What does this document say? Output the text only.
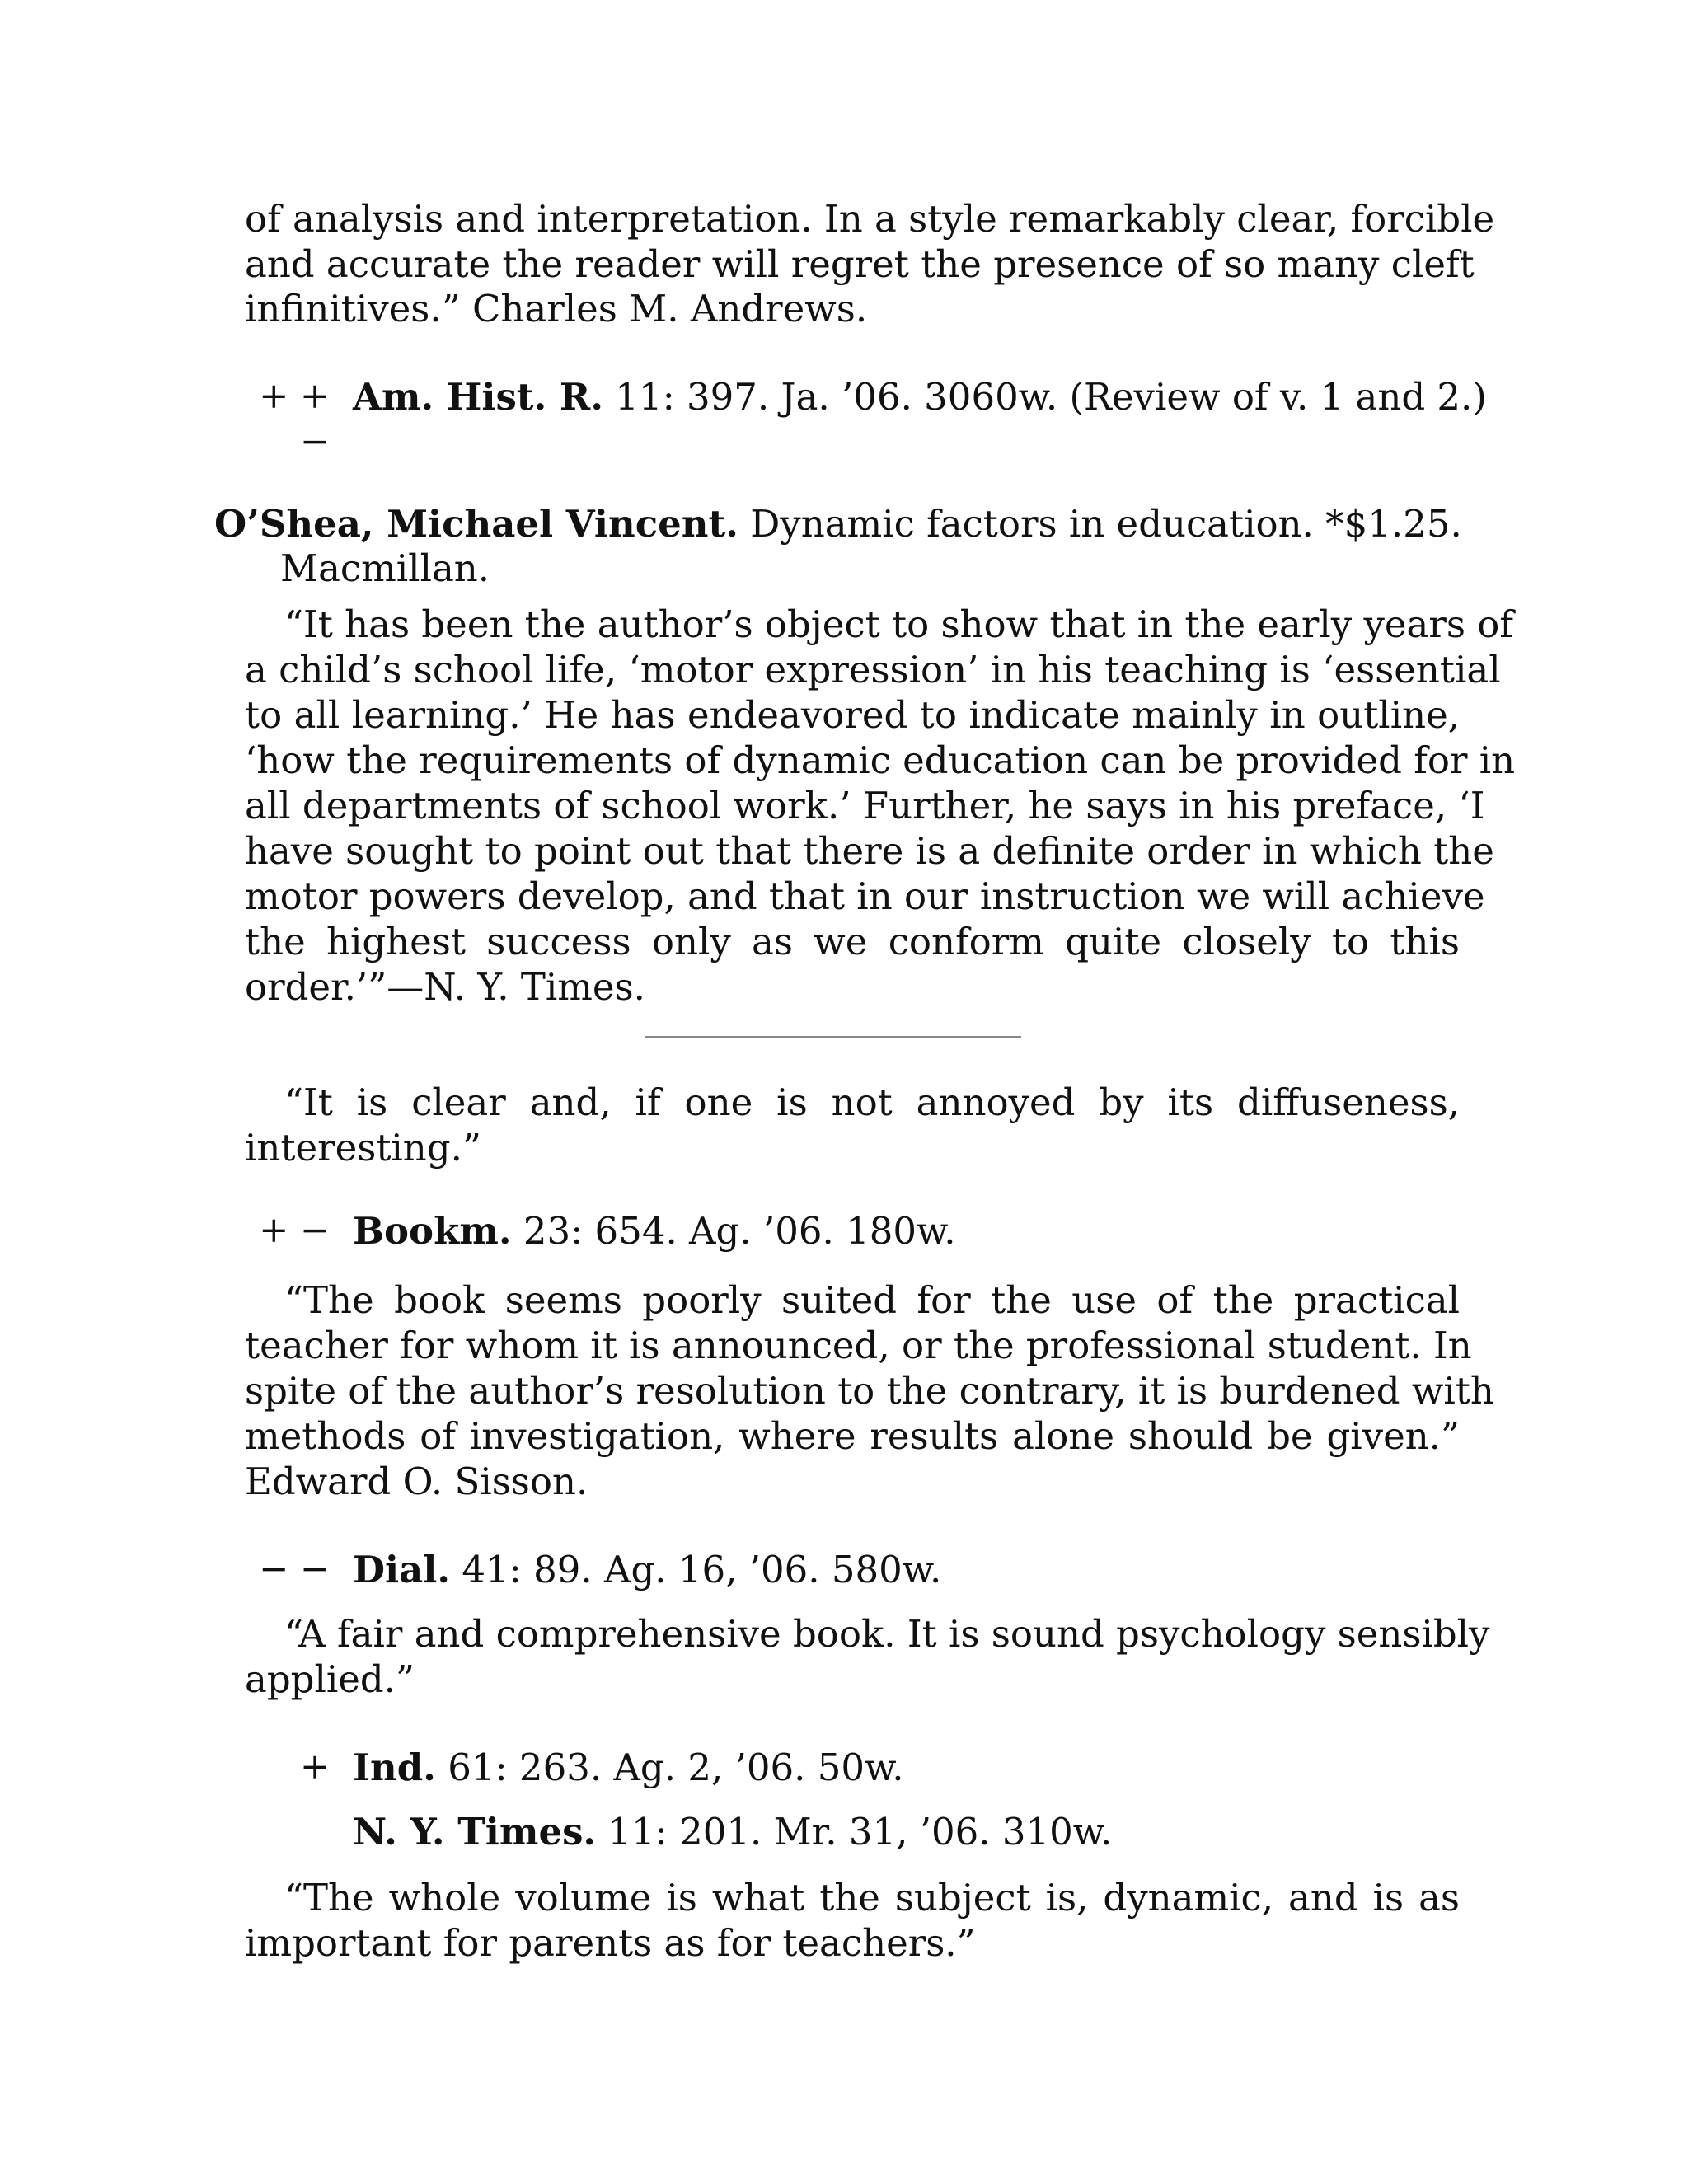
of analysis and interpretation. In a style remarkably clear, forcible
and accurate the reader will regret the presence of so many cleft
infinitives.” Charles M. Andrews.
+ + −
Am. Hist. R. 11: 397. Ja. ’06. 3060w. (Review of v. 1 and 2.)
O’Shea, Michael Vincent. Dynamic factors in education. *$1.25.
Macmillan.
“It has been the author’s object to show that in the early years of
a child’s school life, ‘motor expression’ in his teaching is ‘essential
to all learning.’ He has endeavored to indicate mainly in outline,
‘how the requirements of dynamic education can be provided for in
all departments of school work.’ Further, he says in his preface, ‘I
have sought to point out that there is a definite order in which the
motor powers develop, and that in our instruction we will achieve
the highest success only as we conform quite closely to this
order.’”—N. Y. Times.
“It is clear and, if one is not annoyed by its diffuseness,
interesting.”
+ − Bookm. 23: 654. Ag. ’06. 180w.
“The book seems poorly suited for the use of the practical
teacher for whom it is announced, or the professional student. In
spite of the author’s resolution to the contrary, it is burdened with
methods of investigation, where results alone should be given.”
Edward O. Sisson.
− − Dial. 41: 89. Ag. 16, ’06. 580w.
“A fair and comprehensive book. It is sound psychology sensibly
applied.”
+ Ind. 61: 263. Ag. 2, ’06. 50w.
N. Y. Times. 11: 201. Mr. 31, ’06. 310w.
“The whole volume is what the subject is, dynamic, and is as
important for parents as for teachers.”
